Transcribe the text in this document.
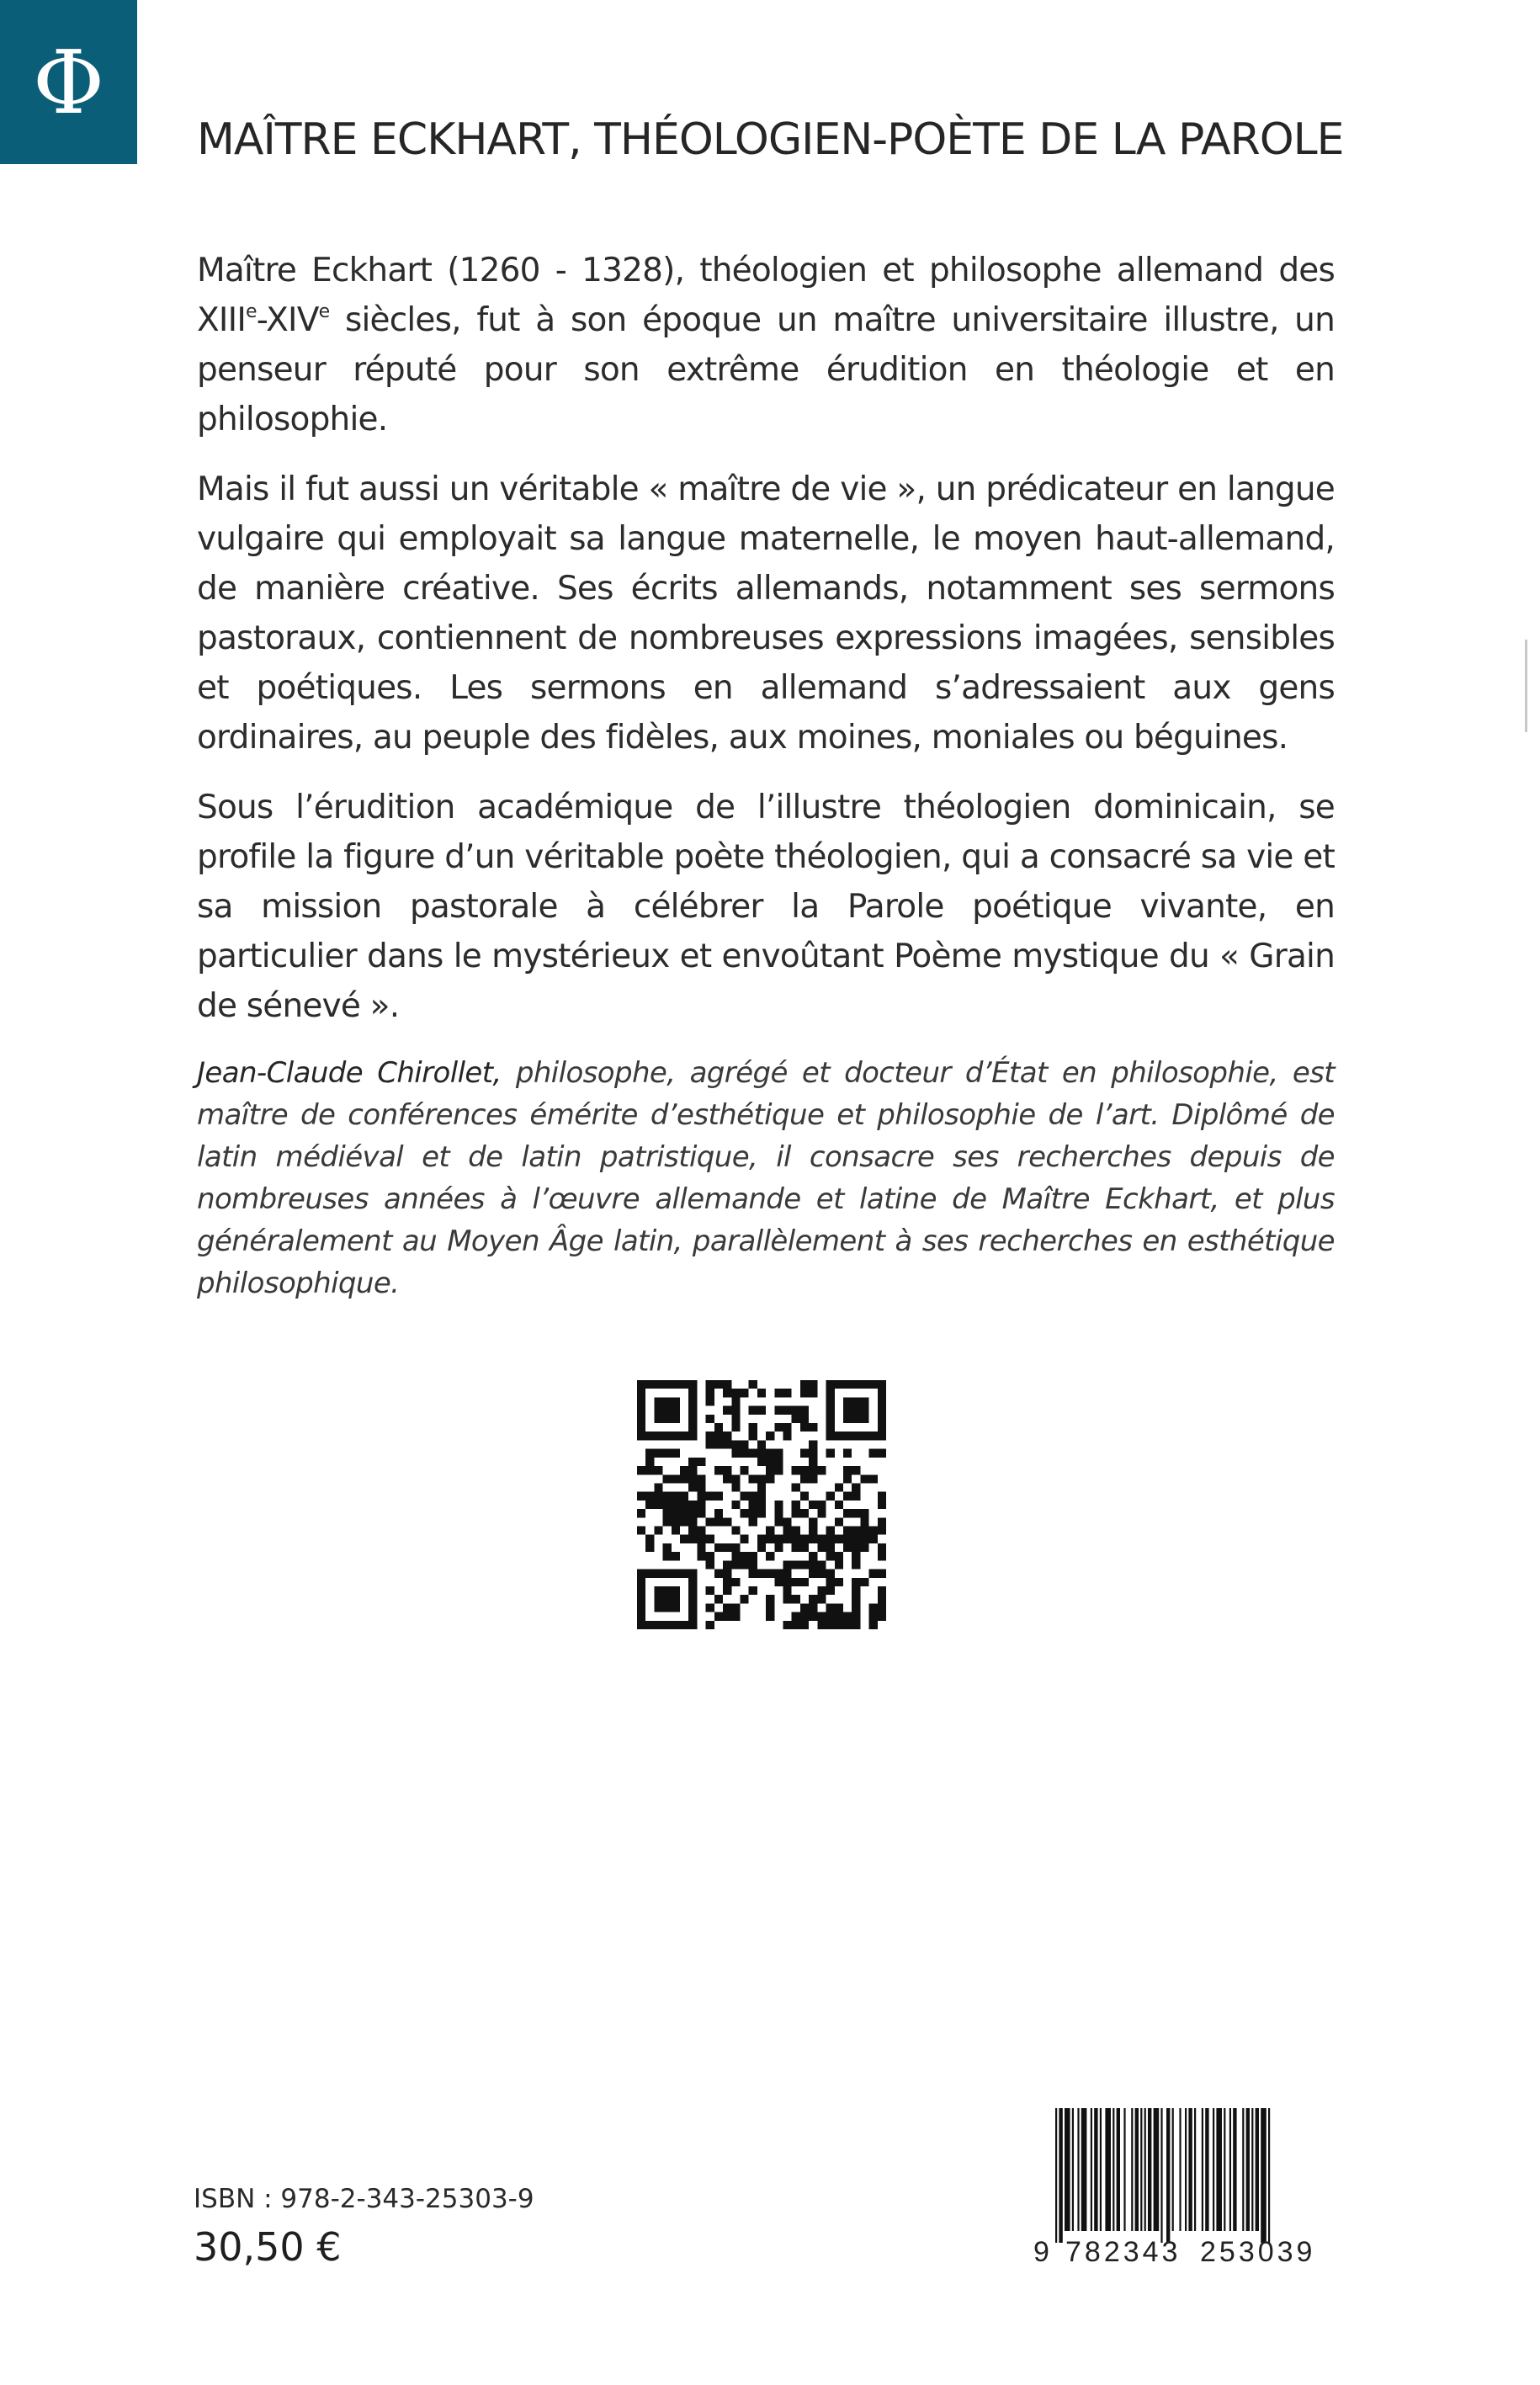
Φ
MAÎTRE ECKHART, THÉOLOGIEN-POÈTE DE LA PAROLE

Maître Eckhart (1260 - 1328), théologien et philosophe allemand des XIIIe-XIVe siècles, fut à son époque un maître universitaire illustre, un penseur réputé pour son extrême érudition en théologie et en philosophie.

Mais il fut aussi un véritable « maître de vie », un prédicateur en langue vulgaire qui employait sa langue maternelle, le moyen haut-allemand, de manière créative. Ses écrits allemands, notamment ses sermons pastoraux, contiennent de nombreuses expressions imagées, sensibles et poétiques. Les sermons en allemand s’adressaient aux gens ordinaires, au peuple des fidèles, aux moines, moniales ou béguines.

Sous l’érudition académique de l’illustre théologien dominicain, se profile la figure d’un véritable poète théologien, qui a consacré sa vie et sa mission pastorale à célébrer la Parole poétique vivante, en particulier dans le mystérieux et envoûtant Poème mystique du « Grain de sénevé ».

Jean-Claude Chirollet, philosophe, agrégé et docteur d’État en philosophie, est maître de conférences émérite d’esthétique et philosophie de l’art. Diplômé de latin médiéval et de latin patristique, il consacre ses recherches depuis de nombreuses années à l’œuvre allemande et latine de Maître Eckhart, et plus généralement au Moyen Âge latin, parallèlement à ses recherches en esthétique philosophique.
9 782343 253039
ISBN : 978-2-343-25303-9
30,50 €
